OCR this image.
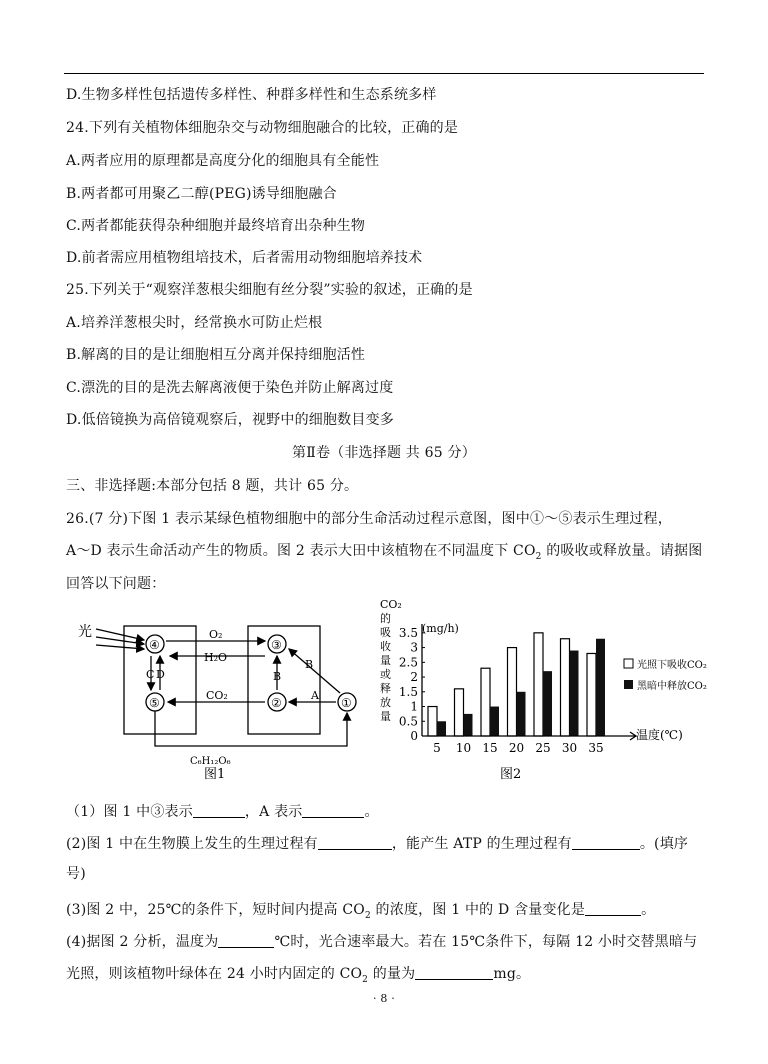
D.生物多样性包括遗传多样性、种群多样性和生态系统多样
24.下列有关植物体细胞杂交与动物细胞融合的比较，正确的是
A.两者应用的原理都是高度分化的细胞具有全能性
B.两者都可用聚乙二醇(PEG)诱导细胞融合
C.两者都能获得杂种细胞并最终培育出杂种生物
D.前者需应用植物组培技术，后者需用动物细胞培养技术
25.下列关于“观察洋葱根尖细胞有丝分裂”实验的叙述，正确的是
A.培养洋葱根尖时，经常换水可防止烂根
B.解离的目的是让细胞相互分离并保持细胞活性
C.漂洗的目的是洗去解离液便于染色并防止解离过度
D.低倍镜换为高倍镜观察后，视野中的细胞数目变多
第Ⅱ卷（非选择题 共 65 分）
三、非选择题:本部分包括 8 题，共计 65 分。
26.(7 分)下图 1 表示某绿色植物细胞中的部分生命活动过程示意图，图中①～⑤表示生理过程，
A～D 表示生命活动产生的物质。图 2 表示大田中该植物在不同温度下 $CO_2$ 的吸收或释放量。请据图
回答以下问题：
光
④
⑤
③
②	①
O₂
H₂O
CO₂
C D	B
B
A
C₆H₁₂O₆
图1
CO₂
的
吸
收
量
或
释
放
量
(mg/h)
0
0.5
1
1.5
2
2.5
3
3.5
5 10 15 20 25 30 35
温度(℃)
光照下吸收CO₂
黑暗中释放CO₂
图2
（1）图 1 中③表示	，A 表示	。
(2)图 1 中在生物膜上发生的生理过程有	，能产生 ATP 的生理过程有	。(填序
号)
(3)图 2 中，25℃的条件下，短时间内提高 $CO_2$ 的浓度，图 1 中的 D 含量变化是	。
(4)据图 2 分析，温度为	℃时，光合速率最大。若在 15℃条件下，每隔 12 小时交替黑暗与
光照，则该植物叶绿体在 24 小时内固定的 $CO_2$ 的量为	mg。
· 8 ·
